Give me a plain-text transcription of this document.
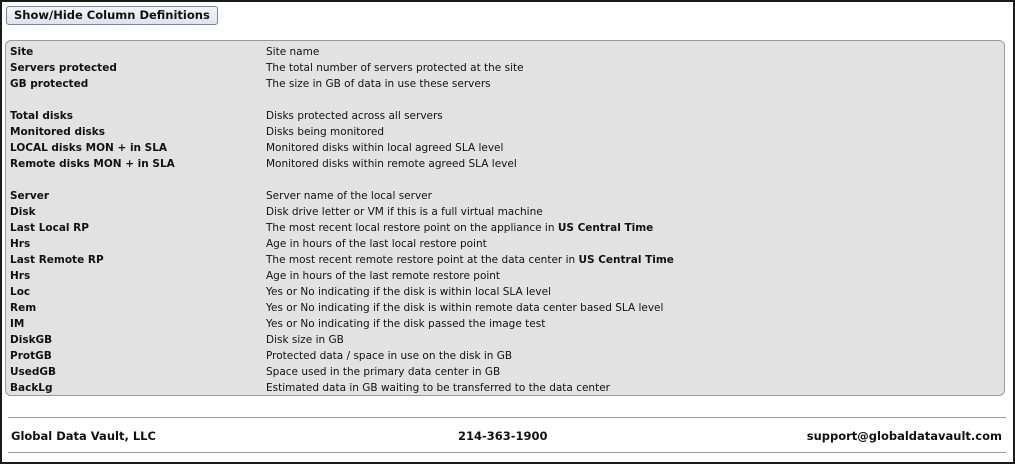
Show/Hide Column Definitions
Site	Site name
Servers protected	The total number of servers protected at the site
GB protected	The size in GB of data in use these servers
Total disks	Disks protected across all servers
Monitored disks	Disks being monitored
LOCAL disks MON + in SLA	Monitored disks within local agreed SLA level
Remote disks MON + in SLA	Monitored disks within remote agreed SLA level
Server	Server name of the local server
Disk	Disk drive letter or VM if this is a full virtual machine
Last Local RP	The most recent local restore point on the appliance in US Central Time
Hrs	Age in hours of the last local restore point
Last Remote RP	The most recent remote restore point at the data center in US Central Time
Hrs	Age in hours of the last remote restore point
Loc	Yes or No indicating if the disk is within local SLA level
Rem	Yes or No indicating if the disk is within remote data center based SLA level
IM	Yes or No indicating if the disk passed the image test
DiskGB	Disk size in GB
ProtGB	Protected data / space in use on the disk in GB
UsedGB	Space used in the primary data center in GB
BackLg	Estimated data in GB waiting to be transferred to the data center
Global Data Vault, LLC	214-363-1900	support@globaldatavault.com
